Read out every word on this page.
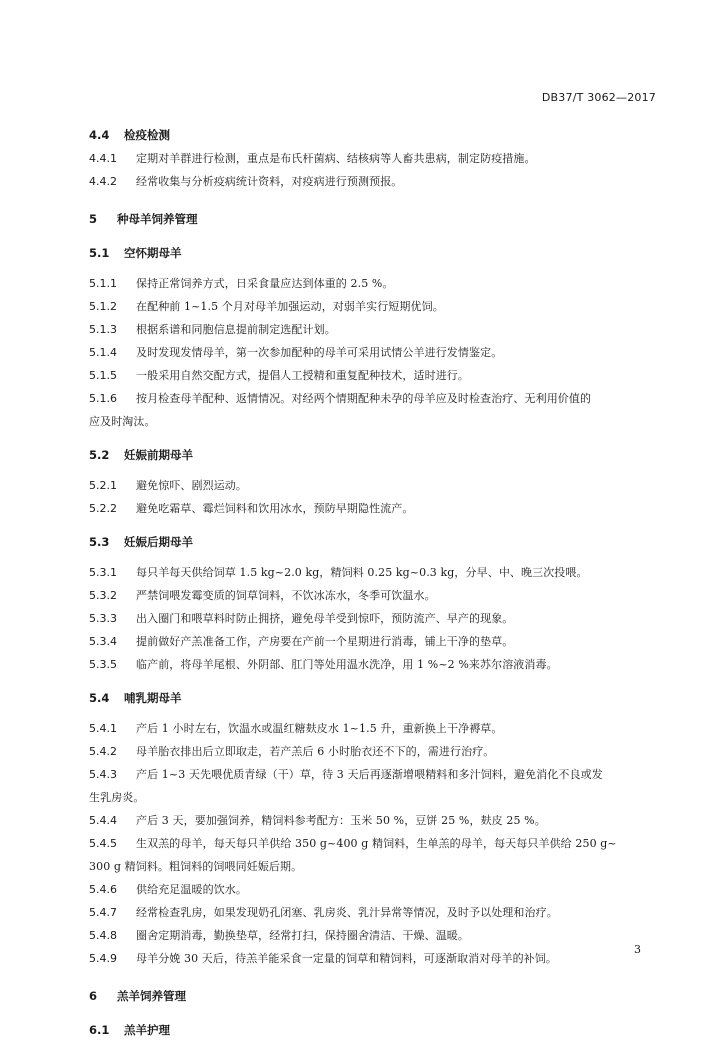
DB37/T 3062—2017
4.4 检疫检测
4.4.1 定期对羊群进行检测，重点是布氏杆菌病、结核病等人畜共患病，制定防疫措施。
4.4.2 经常收集与分析疫病统计资料，对疫病进行预测预报。
5 种母羊饲养管理
5.1 空怀期母羊
5.1.1 保持正常饲养方式，日采食量应达到体重的 2.5 %。
5.1.2 在配种前 1~1.5 个月对母羊加强运动，对弱羊实行短期优饲。
5.1.3 根据系谱和同胞信息提前制定选配计划。
5.1.4 及时发现发情母羊，第一次参加配种的母羊可采用试情公羊进行发情鉴定。
5.1.5 一般采用自然交配方式，提倡人工授精和重复配种技术，适时进行。
5.1.6 按月检查母羊配种、返情情况。对经两个情期配种未孕的母羊应及时检查治疗、无利用价值的
应及时淘汰。
5.2 妊娠前期母羊
5.2.1 避免惊吓、剧烈运动。
5.2.2 避免吃霜草、霉烂饲料和饮用冰水，预防早期隐性流产。
5.3 妊娠后期母羊
5.3.1 每只羊每天供给饲草 1.5 kg~2.0 kg，精饲料 0.25 kg~0.3 kg，分早、中、晚三次投喂。
5.3.2 严禁饲喂发霉变质的饲草饲料，不饮冰冻水，冬季可饮温水。
5.3.3 出入圈门和喂草料时防止拥挤，避免母羊受到惊吓，预防流产、早产的现象。
5.3.4 提前做好产羔准备工作，产房要在产前一个星期进行消毒，铺上干净的垫草。
5.3.5 临产前，将母羊尾根、外阴部、肛门等处用温水洗净，用 1 %~2 %来苏尔溶液消毒。
5.4 哺乳期母羊
5.4.1 产后 1 小时左右，饮温水或温红糖麸皮水 1~1.5 升，重新换上干净褥草。
5.4.2 母羊胎衣排出后立即取走，若产羔后 6 小时胎衣还不下的，需进行治疗。
5.4.3 产后 1~3 天先喂优质青绿（干）草，待 3 天后再逐渐增喂精料和多汁饲料，避免消化不良或发
生乳房炎。
5.4.4 产后 3 天，要加强饲养，精饲料参考配方：玉米 50 %，豆饼 25 %，麸皮 25 %。
5.4.5 生双羔的母羊，每天每只羊供给 350 g~400 g 精饲料，生单羔的母羊，每天每只羊供给 250 g~
300 g 精饲料。粗饲料的饲喂同妊娠后期。
5.4.6 供给充足温暖的饮水。
5.4.7 经常检查乳房，如果发现奶孔闭塞、乳房炎、乳汁异常等情况，及时予以处理和治疗。
5.4.8 圈舍定期消毒，勤换垫草，经常打扫，保持圈舍清洁、干燥、温暖。
5.4.9 母羊分娩 30 天后，待羔羊能采食一定量的饲草和精饲料，可逐渐取消对母羊的补饲。
6 羔羊饲养管理
6.1 羔羊护理
3
